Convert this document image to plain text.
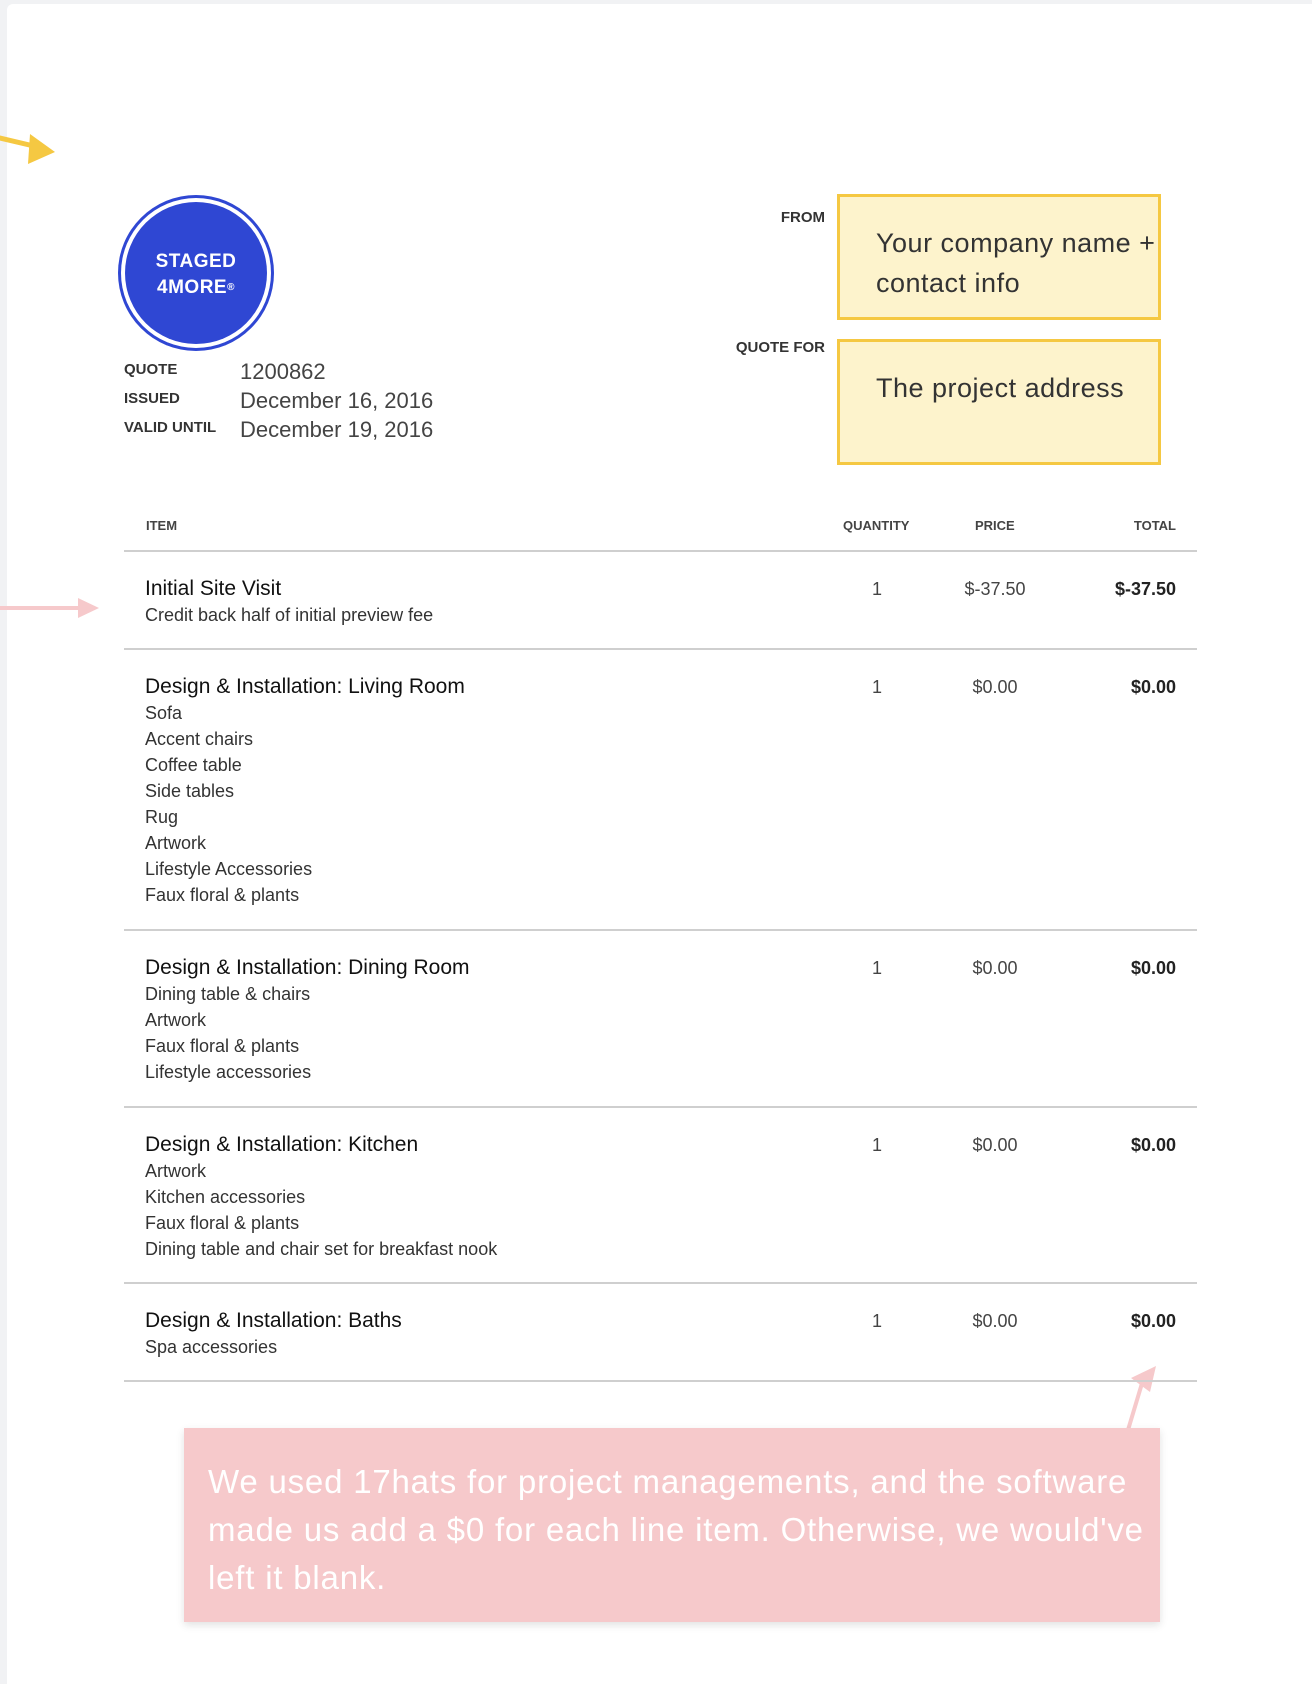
STAGED
4MORE®
QUOTE	1200862
ISSUED	December 16, 2016
VALID UNTIL December 19, 2016
FROM
Your company name + contact info
QUOTE FOR
The project address
ITEM	QUANTITY	PRICE	TOTAL
Initial Site Visit
Credit back half of initial preview fee
1	$-37.50	$-37.50
Design & Installation: Living Room
Sofa
Accent chairs
Coffee table
Side tables
Rug
Artwork
Lifestyle Accessories
Faux floral & plants
1	$0.00	$0.00
Design & Installation: Dining Room
Dining table & chairs
Artwork
Faux floral & plants
Lifestyle accessories
1	$0.00	$0.00
Design & Installation: Kitchen
Artwork
Kitchen accessories
Faux floral & plants
Dining table and chair set for breakfast nook
1	$0.00	$0.00
Design & Installation: Baths
Spa accessories
1	$0.00	$0.00
We used 17hats for project managements, and the software made us add a $0 for each line item. Otherwise, we would've left it blank.
